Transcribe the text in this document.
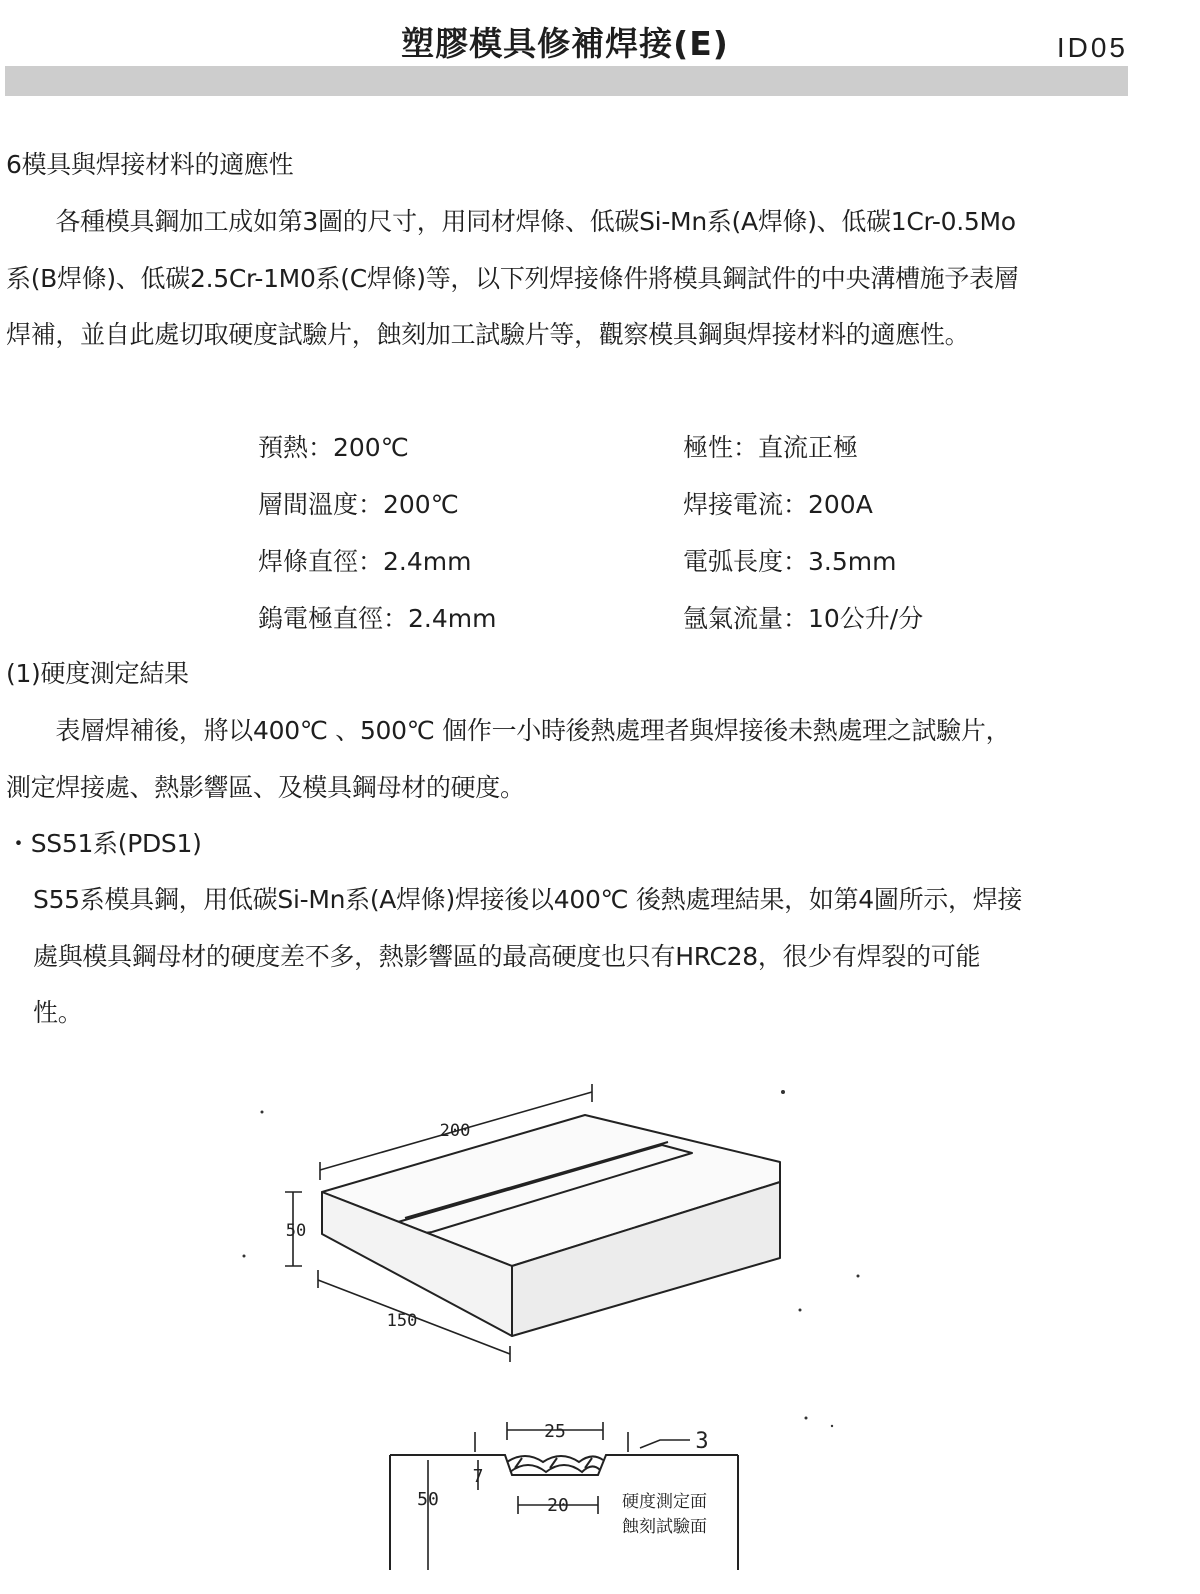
塑膠模具修補焊接(E)	ID05
6模具與焊接材料的適應性
　　各種模具鋼加工成如第3圖的尺寸，用同材焊條、低碳Si-Mn系(A焊條)、低碳1Cr-0.5Mo
系(B焊條)、低碳2.5Cr-1M0系(C焊條)等，以下列焊接條件將模具鋼試件的中央溝槽施予表層
焊補，並自此處切取硬度試驗片，蝕刻加工試驗片等，觀察模具鋼與焊接材料的適應性。
預熱：200℃	極性：直流正極
層間溫度：200℃	焊接電流：200A
焊條直徑：2.4mm	電弧長度：3.5mm
鎢電極直徑：2.4mm	氬氣流量：10公升/分
(1)硬度測定結果
　　表層焊補後，將以400℃ 、500℃ 個作一小時後熱處理者與焊接後未熱處理之試驗片，
測定焊接處、熱影響區、及模具鋼母材的硬度。
・SS51系(PDS1)
S55系模具鋼，用低碳Si-Mn系(A焊條)焊接後以400℃ 後熱處理結果，如第4圖所示，焊接
處與模具鋼母材的硬度差不多，熱影響區的最高硬度也只有HRC28，很少有焊裂的可能
性。
200
50
150
25
20
7
50
3
硬度測定面
蝕刻試驗面
